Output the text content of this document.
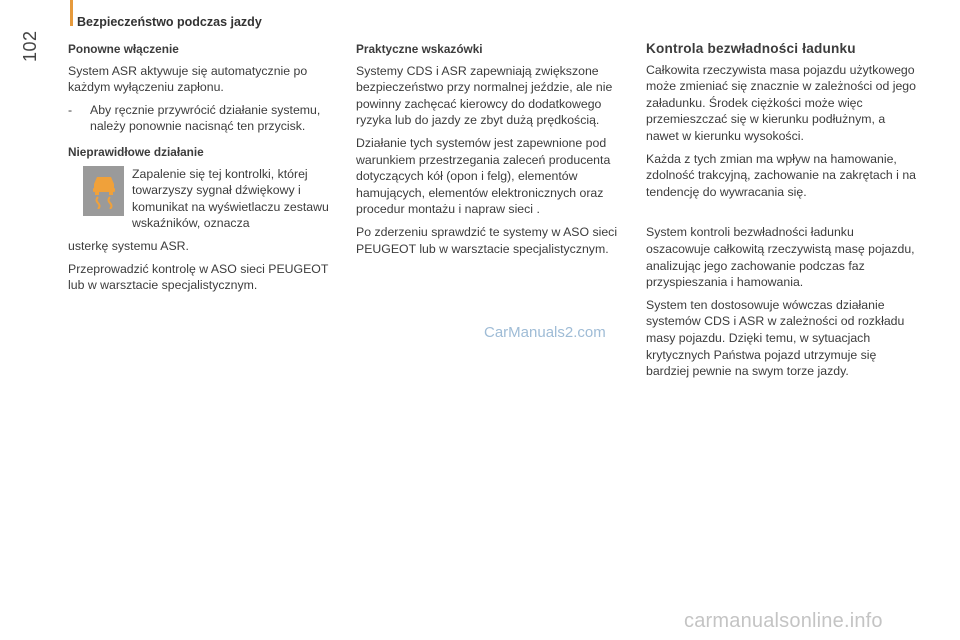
Bezpieczeństwo podczas jazdy
102 Ponowne włączenie

System ASR aktywuje się automatycznie po każdym wyłączeniu zapłonu.

-	Aby ręcznie przywrócić działanie systemu, należy ponownie nacisnąć ten przycisk.
Nieprawidłowe działanie

Zapalenie się tej kontrolki, której towarzyszy sygnał dźwiękowy i komunikat na wyświetlaczu zestawu wskaźników, oznacza

usterkę systemu ASR.

Przeprowadzić kontrolę w ASO sieci PEUGEOT lub w warsztacie specjalistycznym.

Praktyczne wskazówki

Systemy CDS i ASR zapewniają zwiększone bezpieczeństwo przy normalnej jeździe, ale nie powinny zachęcać kierowcy do dodatkowego ryzyka lub do jazdy ze zbyt dużą prędkością.

Działanie tych systemów jest zapewnione pod warunkiem przestrzegania zaleceń producenta dotyczących kół (opon i felg), elementów hamujących, elementów elektronicznych oraz procedur montażu i napraw sieci .

Po zderzeniu sprawdzić te systemy w ASO sieci PEUGEOT lub w warsztacie specjalistycznym.

Kontrola bezwładności ładunku

Całkowita rzeczywista masa pojazdu użytkowego może zmieniać się znacznie w zależności od jego załadunku. Środek ciężkości może więc przemieszczać się w kierunku podłużnym, a nawet w kierunku wysokości.

Każda z tych zmian ma wpływ na hamowanie, zdolność trakcyjną, zachowanie na zakrętach i na tendencję do wywracania się.

System kontroli bezwładności ładunku oszacowuje całkowitą rzeczywistą masę pojazdu, analizując jego zachowanie podczas faz przyspieszania i hamowania.

System ten dostosowuje wówczas działanie systemów CDS i ASR w zależności od rozkładu masy pojazdu. Dzięki temu, w sytuacjach krytycznych Państwa pojazd utrzymuje się bardziej pewnie na swym torze jazdy.

CarManuals2.com
carmanualsonline.info
